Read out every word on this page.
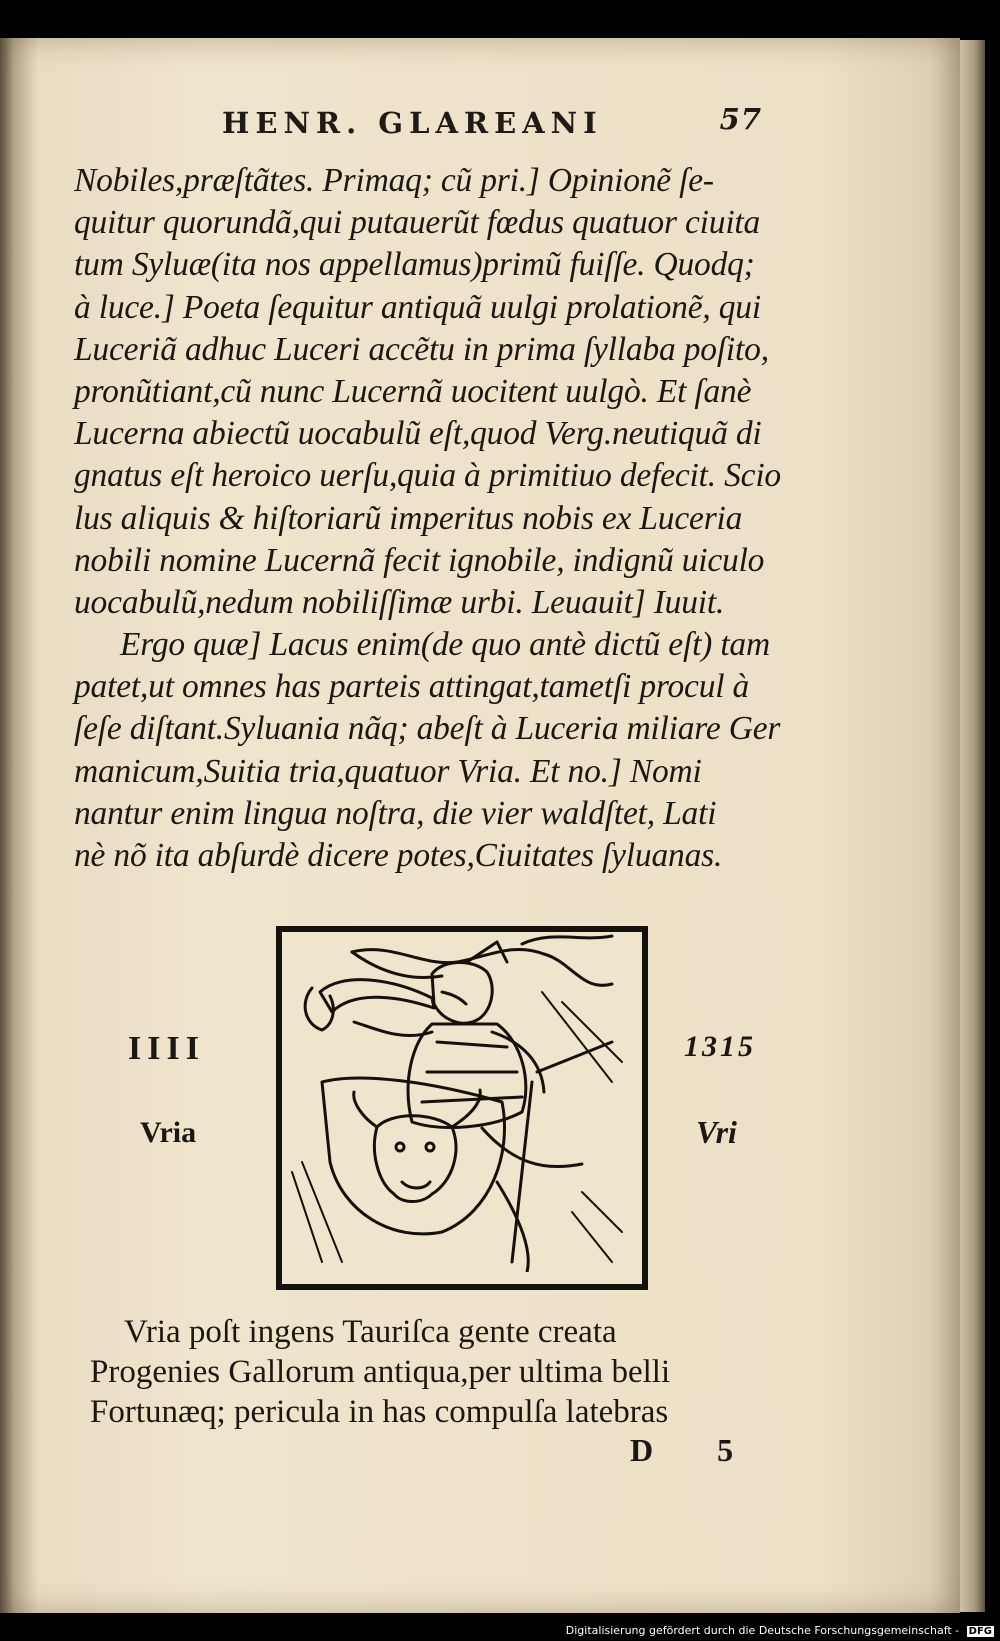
HENR. GLAREANI	57
Nobiles,præſtãtes. Primaq; cũ pri.] Opinionẽ ſe-
quitur quorundã,qui putauerũt fœdus quatuor ciuita
tum Syluæ(ita nos appellamus)primũ fuiſſe. Quodq;
à luce.] Poeta ſequitur antiquã uulgi prolationẽ, qui
Luceriã adhuc Luceri accẽtu in prima ſyllaba poſito,
pronũtiant,cũ nunc Lucernã uocitent uulgò. Et ſanè
Lucerna abiectũ uocabulũ eſt,quod Verg.neutiquã di
gnatus eſt heroico uerſu,quia à primitiuo defecit. Scio
lus aliquis & hiſtoriarũ imperitus nobis ex Luceria
nobili nomine Lucernã fecit ignobile, indignũ uiculo
uocabulũ,nedum nobiliſſimæ urbi. Leuauit] Iuuit.
Ergo quæ] Lacus enim(de quo antè dictũ eſt) tam
patet,ut omnes has parteis attingat,tametſi procul à
ſeſe diſtant.Syluania nãq; abeſt à Luceria miliare Ger
manicum,Suitia tria,quatuor Vria. Et no.] Nomi
nantur enim lingua noſtra, die vier waldſtet, Lati
nè nõ ita abſurdè dicere potes,Ciuitates ſyluanas.
IIII
Vria
1315
Vri
Vria poſt ingens Tauriſca gente creata
Progenies Gallorum antiqua,per ultima belli
Fortunæq; pericula in has compulſa latebras
D 5
Digitalisierung gefördert durch die Deutsche Forschungsgemeinschaft - DFG
